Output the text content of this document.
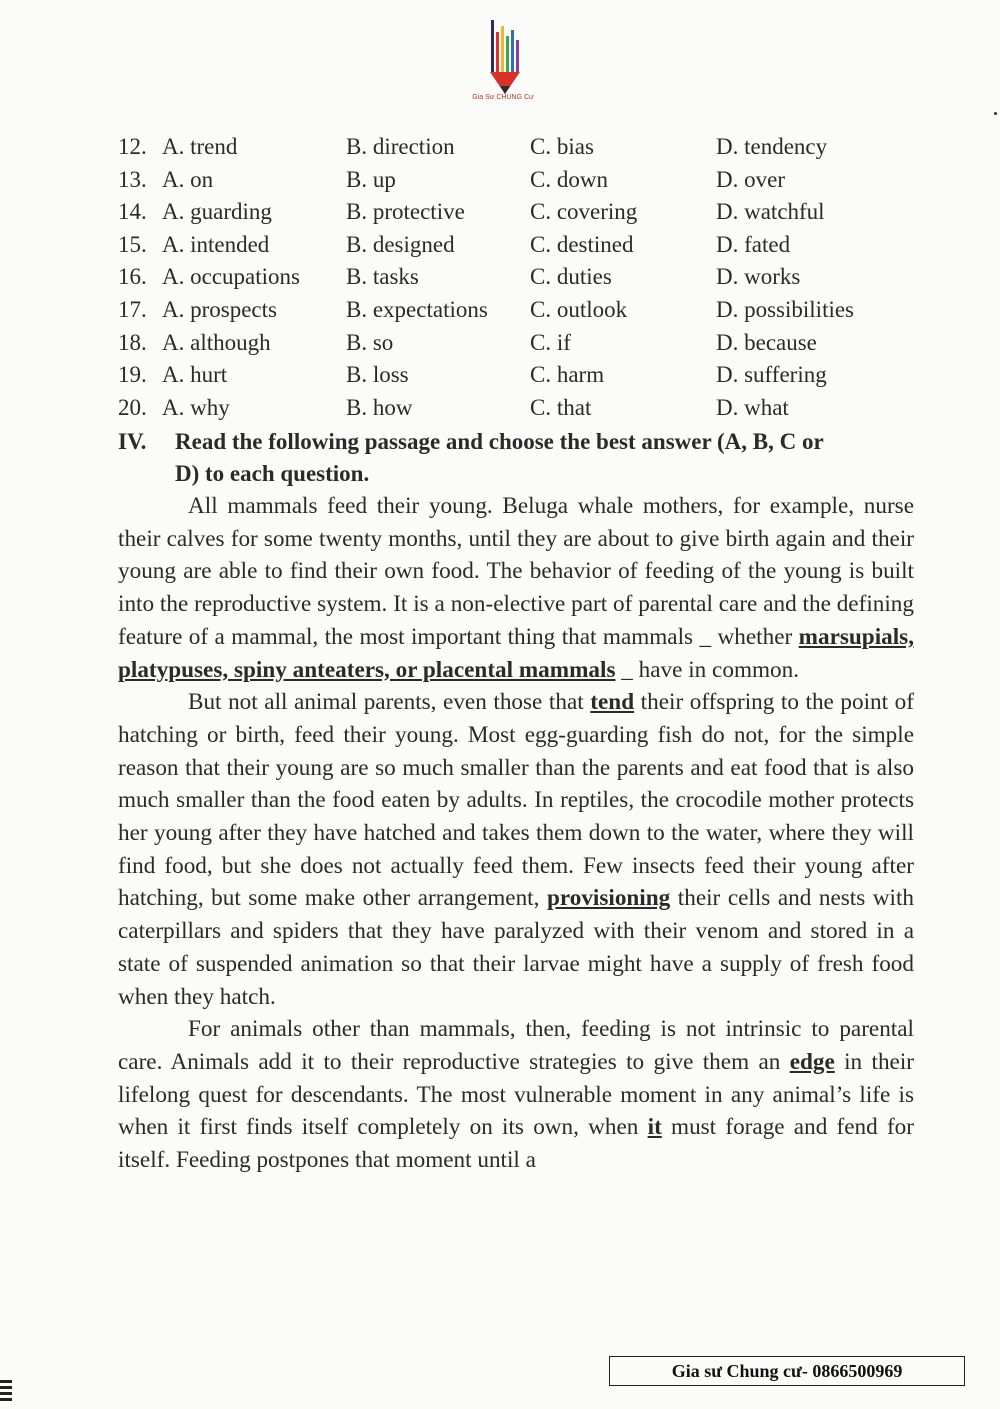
Gia Sư CHUNG Cư
12. A. trend	B. direction	C. bias	D. tendency
13. A. on	B. up	C. down	D. over
14. A. guarding	B. protective	C. covering	D. watchful
15. A. intended	B. designed	C. destined	D. fated
16. A. occupations B. tasks	C. duties	D. works
17. A. prospects	B. expectations C. outlook	D. possibilities
18. A. although	B. so	C. if	D. because
19. A. hurt	B. loss	C. harm	D. suffering
20. A. why	B. how	C. that	D. what
IV. Read the following passage and choose the best answer (A, B, C or
D) to each question.

All mammals feed their young. Beluga whale mothers, for example, nurse their calves for some twenty months, until they are about to give birth again and their young are able to find their own food. The behavior of feeding of the young is built into the reproductive system. It is a non-elective part of parental care and the defining feature of a mammal, the most important thing that mammals _ whether marsupials, platypuses, spiny anteaters, or placental mammals _ have in common.

But not all animal parents, even those that tend their offspring to the point of hatching or birth, feed their young. Most egg-guarding fish do not, for the simple reason that their young are so much smaller than the parents and eat food that is also much smaller than the food eaten by adults. In reptiles, the crocodile mother protects her young after they have hatched and takes them down to the water, where they will find food, but she does not actually feed them. Few insects feed their young after hatching, but some make other arrangement, provisioning their cells and nests with caterpillars and spiders that they have paralyzed with their venom and stored in a state of suspended animation so that their larvae might have a supply of fresh food when they hatch.

For animals other than mammals, then, feeding is not intrinsic to parental care. Animals add it to their reproductive strategies to give them an edge in their lifelong quest for descendants. The most vulnerable moment in any animal’s life is when it first finds itself completely on its own, when it must forage and fend for itself. Feeding postpones that moment until a

Gia sư Chung cư- 0866500969
